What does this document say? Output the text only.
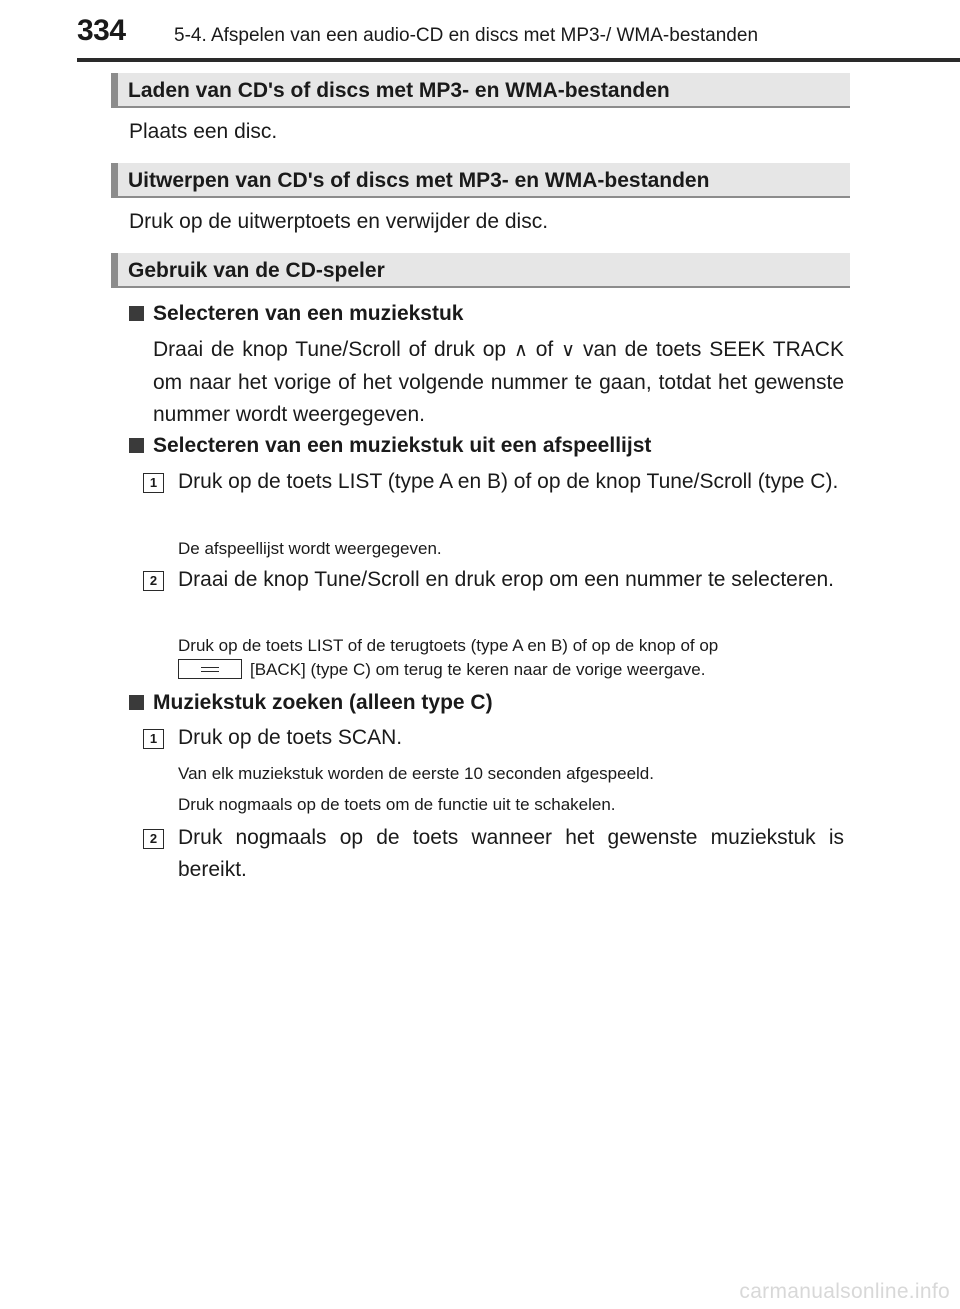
334	5-4. Afspelen van een audio-CD en discs met MP3-/ WMA-bestanden
Laden van CD's of discs met MP3- en WMA-bestanden
Plaats een disc.
Uitwerpen van CD's of discs met MP3- en WMA-bestanden
Druk op de uitwerptoets en verwijder de disc.
Gebruik van de CD-speler
Selecteren van een muziekstuk
Draai de knop Tune/Scroll of druk op ∧ of ∨ van de toets SEEK TRACK om naar het vorige of het volgende nummer te gaan, totdat het gewenste nummer wordt weergegeven.
Selecteren van een muziekstuk uit een afspeellijst
1 Druk op de toets LIST (type A en B) of op de knop Tune/Scroll (type C).
De afspeellijst wordt weergegeven.
2 Draai de knop Tune/Scroll en druk erop om een nummer te selecteren.
Druk op de toets LIST of de terugtoets (type A en B) of op de knop of op

[BACK] (type C) om terug te keren naar de vorige weergave.
Muziekstuk zoeken (alleen type C)
1 Druk op de toets SCAN.
Van elk muziekstuk worden de eerste 10 seconden afgespeeld.
Druk nogmaals op de toets om de functie uit te schakelen.
2 Druk nogmaals op de toets wanneer het gewenste muziekstuk is bereikt.
carmanualsonline.info
